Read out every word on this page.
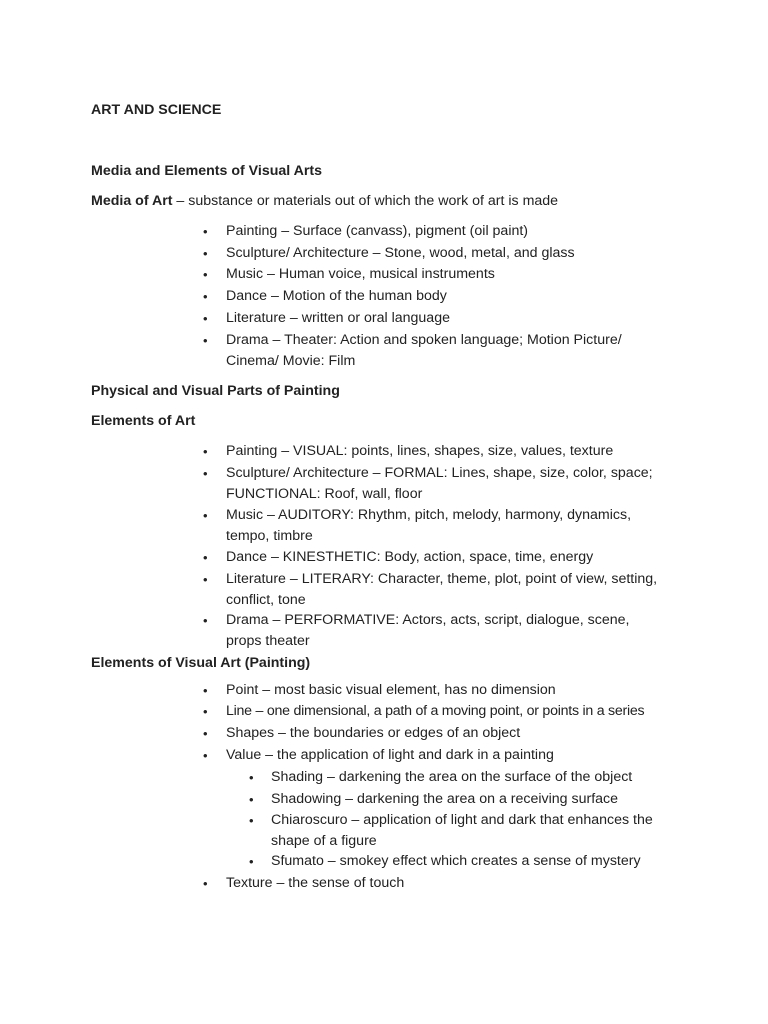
ART AND SCIENCE
Media and Elements of Visual Arts
Media of Art – substance or materials out of which the work of art is made
• Painting – Surface (canvass), pigment (oil paint)
• Sculpture/ Architecture – Stone, wood, metal, and glass
• Music – Human voice, musical instruments
• Dance – Motion of the human body
• Literature – written or oral language
• Drama – Theater: Action and spoken language; Motion Picture/
Cinema/ Movie: Film
Physical and Visual Parts of Painting
Elements of Art
• Painting – VISUAL: points, lines, shapes, size, values, texture
• Sculpture/ Architecture – FORMAL: Lines, shape, size, color, space;
FUNCTIONAL: Roof, wall, floor
• Music – AUDITORY: Rhythm, pitch, melody, harmony, dynamics,
tempo, timbre
• Dance – KINESTHETIC: Body, action, space, time, energy
• Literature – LITERARY: Character, theme, plot, point of view, setting,
conflict, tone
• Drama – PERFORMATIVE: Actors, acts, script, dialogue, scene,
props theater
Elements of Visual Art (Painting)
• Point – most basic visual element, has no dimension
• Line – one dimensional, a path of a moving point, or points in a series
• Shapes – the boundaries or edges of an object
• Value – the application of light and dark in a painting
• Shading – darkening the area on the surface of the object
• Shadowing – darkening the area on a receiving surface
• Chiaroscuro – application of light and dark that enhances the
shape of a figure
• Sfumato – smokey effect which creates a sense of mystery
• Texture – the sense of touch
